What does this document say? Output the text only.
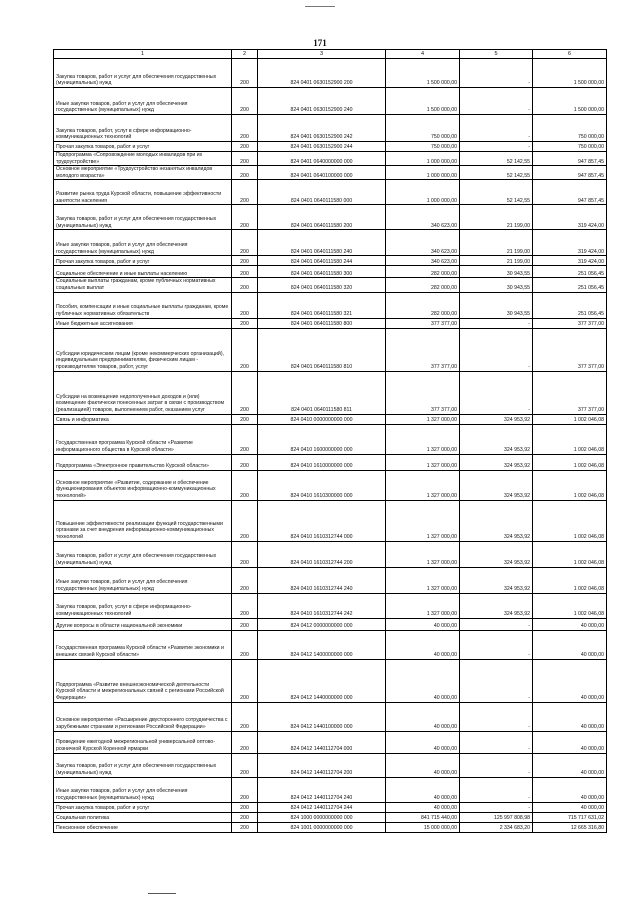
171
1	2	3	4	5	6
Закупка товаров, работ и услуг для обеспечения государственных (муниципальных) нужд	200	824 0401 0630152900 200	1 500 000,00	-	1 500 000,00
Иные закупки товаров, работ и услуг для обеспечения государственных (муниципальных) нужд	200	824 0401 0630152900 240	1 500 000,00	-	1 500 000,00
Закупка товаров, работ, услуг в сфере информационно-коммуникационных технологий	200	824 0401 0630152900 242	750 000,00	-	750 000,00
Прочая закупка товаров, работ и услуг	200	824 0401 0630152900 244	750 000,00	-	750 000,00
Подпрограмма «Сопровождение молодых инвалидов при их трудоустройстве»	200	824 0401 0640000000 000	1 000 000,00	52 142,55	947 857,45
Основное мероприятие «Трудоустройство незанятых инвалидов молодого возраста»	200	824 0401 0640100000 000	1 000 000,00	52 142,55	947 857,45
Развитие рынка труда Курской области, повышение эффективности занятости населения	200	824 0401 0640111580 000	1 000 000,00	52 142,55	947 857,45
Закупка товаров, работ и услуг для обеспечения государственных (муниципальных) нужд	200	824 0401 0640111580 200	340 623,00	21 199,00	319 424,00
Иные закупки товаров, работ и услуг для обеспечения государственных (муниципальных) нужд	200	824 0401 0640111580 240	340 623,00	21 199,00	319 424,00
Прочая закупка товаров, работ и услуг	200	824 0401 0640111580 244	340 623,00	21 199,00	319 424,00
Социальное обеспечение и иные выплаты населению	200	824 0401 0640111580 300	282 000,00	30 943,55	251 056,45
Социальные выплаты гражданам, кроме публичных нормативных социальных выплат	200	824 0401 0640111580 320	282 000,00	30 943,55	251 056,45
Пособия, компенсации и иные социальные выплаты гражданам, кроме публичных нормативных обязательств	200	824 0401 0640111580 321	282 000,00	30 943,55	251 056,45
Иные бюджетные ассигнования	200	824 0401 0640111580 800	377 377,00	-	377 377,00
Субсидии юридическим лицам (кроме некоммерческих организаций), индивидуальным предпринимателям, физическим лицам - производителям товаров, работ, услуг	200	824 0401 0640111580 810	377 377,00	-	377 377,00
Субсидии на возмещение недополученных доходов и (или) возмещение фактически понесенных затрат в связи с производством (реализацией) товаров, выполнением работ, оказанием услуг	200	824 0401 0640111580 811	377 377,00	-	377 377,00
Связь и информатика	200	824 0410 0000000000 000	1 327 000,00	324 953,92	1 002 046,08
Государственная программа Курской области «Развитие информационного общества в Курской области»	200	824 0410 1600000000 000	1 327 000,00	324 953,92	1 002 046,08
Подпрограмма «Электронное правительство Курской области»	200	824 0410 1610000000 000	1 327 000,00	324 953,92	1 002 046,08
Основное мероприятие «Развитие, содержание и обеспечение функционирования объектов информационно-коммуникационных технологий»	200	824 0410 1610300000 000	1 327 000,00	324 953,92	1 002 046,08
Повышение эффективности реализации функций государственными органами за счет внедрения информационно-коммуникационных технологий	200	824 0410 1610312744 000	1 327 000,00	324 953,92	1 002 046,08
Закупка товаров, работ и услуг для обеспечения государственных (муниципальных) нужд	200	824 0410 1610312744 200	1 327 000,00	324 953,92	1 002 046,08
Иные закупки товаров, работ и услуг для обеспечения государственных (муниципальных) нужд	200	824 0410 1610312744 240	1 327 000,00	324 953,92	1 002 046,08
Закупка товаров, работ, услуг в сфере информационно-коммуникационных технологий	200	824 0410 1610312744 242	1 327 000,00	324 953,92	1 002 046,08
Другие вопросы в области национальной экономики	200	824 0412 0000000000 000	40 000,00	-	40 000,00
Государственная программа Курской области «Развитие экономики и внешних связей Курской области»	200	824 0412 1400000000 000	40 000,00	-	40 000,00
Подпрограмма «Развитие внешнеэкономической деятельности Курской области и межрегиональных связей с регионами Российской Федерации»	200	824 0412 1440000000 000	40 000,00	-	40 000,00
Основное мероприятие «Расширение двустороннего сотрудничества с зарубежными странами и регионами Российской Федерации»	200	824 0412 1440100000 000	40 000,00	-	40 000,00
Проведение ежегодной межрегиональной универсальной оптово-розничной Курской Коренной ярмарки	200	824 0412 1440112704 000	40 000,00	-	40 000,00
Закупка товаров, работ и услуг для обеспечения государственных (муниципальных) нужд	200	824 0412 1440112704 200	40 000,00	-	40 000,00
Иные закупки товаров, работ и услуг для обеспечения государственных (муниципальных) нужд	200	824 0412 1440112704 240	40 000,00	-	40 000,00
Прочая закупка товаров, работ и услуг	200	824 0412 1440112704 244	40 000,00	-	40 000,00
Социальная политика	200	824 1000 0000000000 000	841 715 440,00	125 997 808,98	715 717 631,02
Пенсионное обеспечение	200	824 1001 0000000000 000	15 000 000,00	2 334 683,20	12 665 316,80
